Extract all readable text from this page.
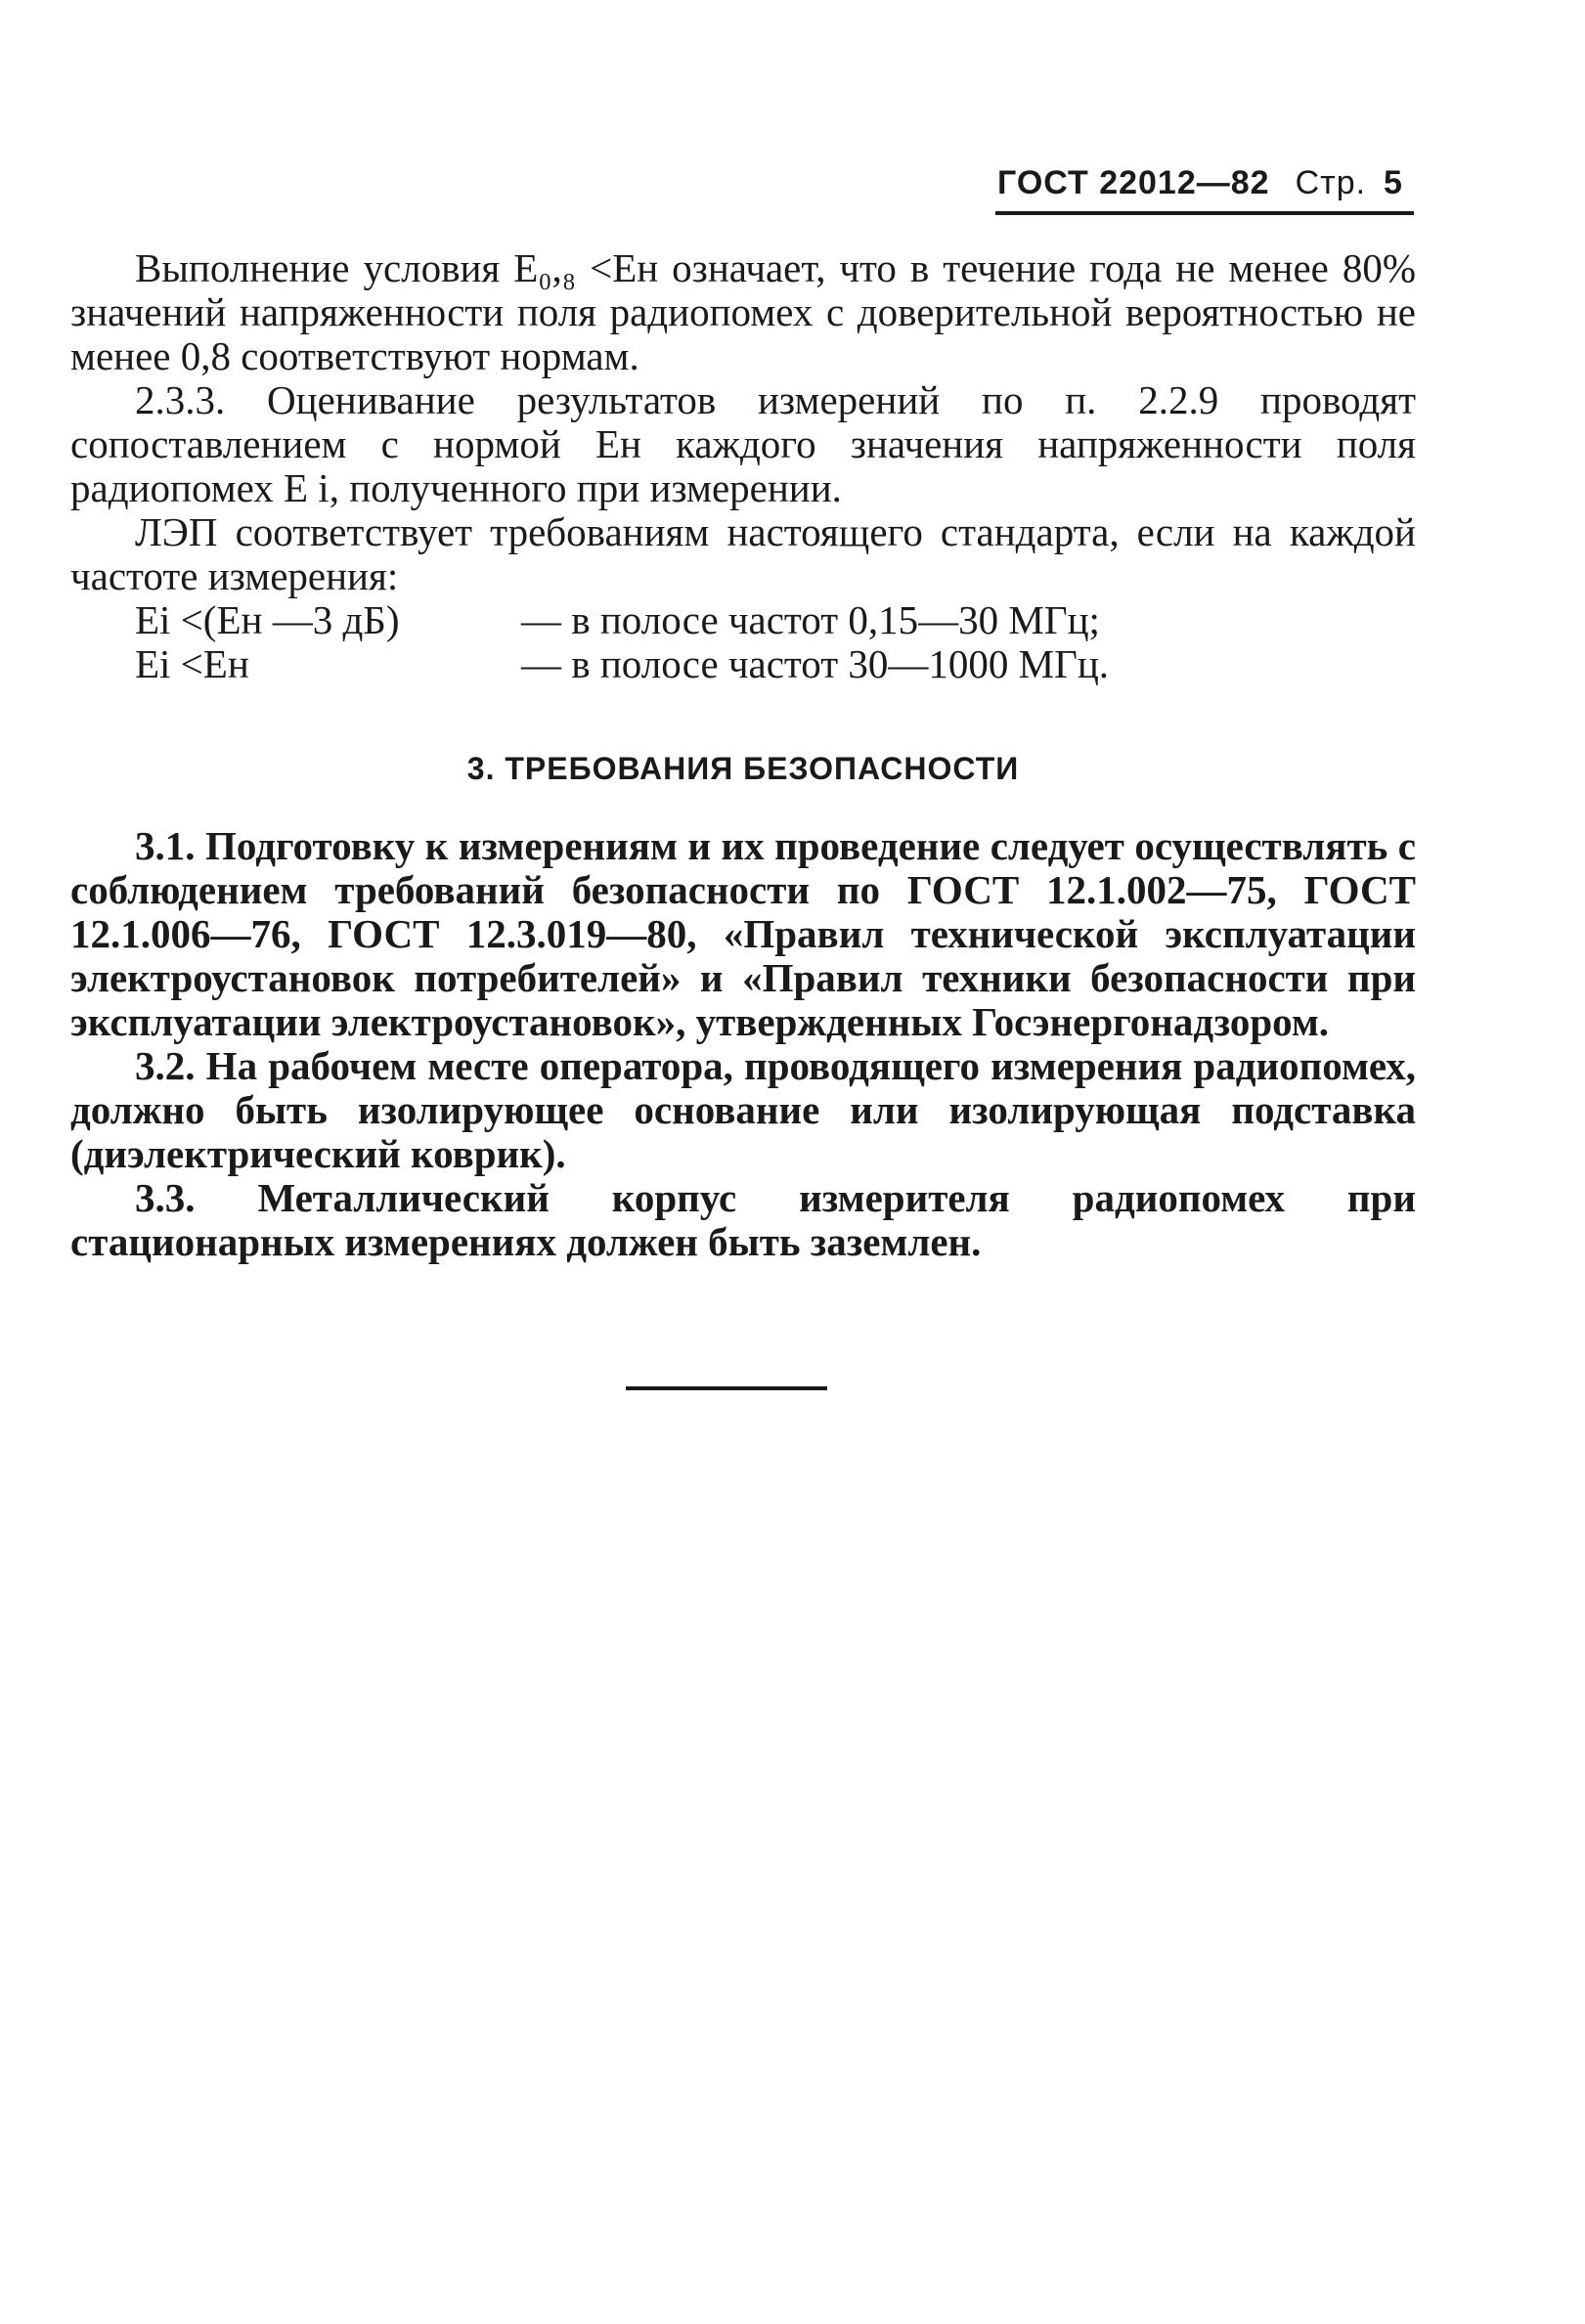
ГОСТ 22012—82 Стр. 5

Выполнение условия E₀,₈ <Eн означает, что в течение года не менее 80% значений напряженности поля радиопомех с доверительной вероятностью не менее 0,8 соответствуют нормам.

2.3.3. Оценивание результатов измерений по п. 2.2.9 проводят сопоставлением с нормой Eн каждого значения напряженности поля радиопомех E i, полученного при измерении.

ЛЭП соответствует требованиям настоящего стандарта, если на каждой частоте измерения:

Ei <(Eн —3 дБ)	— в полосе частот 0,15—30 МГц;

Ei <Eн	— в полосе частот 30—1000 МГц.

3. ТРЕБОВАНИЯ БЕЗОПАСНОСТИ

3.1. Подготовку к измерениям и их проведение следует осуществлять с соблюдением требований безопасности по ГОСТ 12.1.002—75, ГОСТ 12.1.006—76, ГОСТ 12.3.019—80, «Правил технической эксплуатации электроустановок потребителей» и «Правил техники безопасности при эксплуатации электроустановок», утвержденных Госэнергонадзором.

3.2. На рабочем месте оператора, проводящего измерения радиопомех, должно быть изолирующее основание или изолирующая подставка (диэлектрический коврик).

3.3. Металлический корпус измерителя радиопомех при стационарных измерениях должен быть заземлен.
